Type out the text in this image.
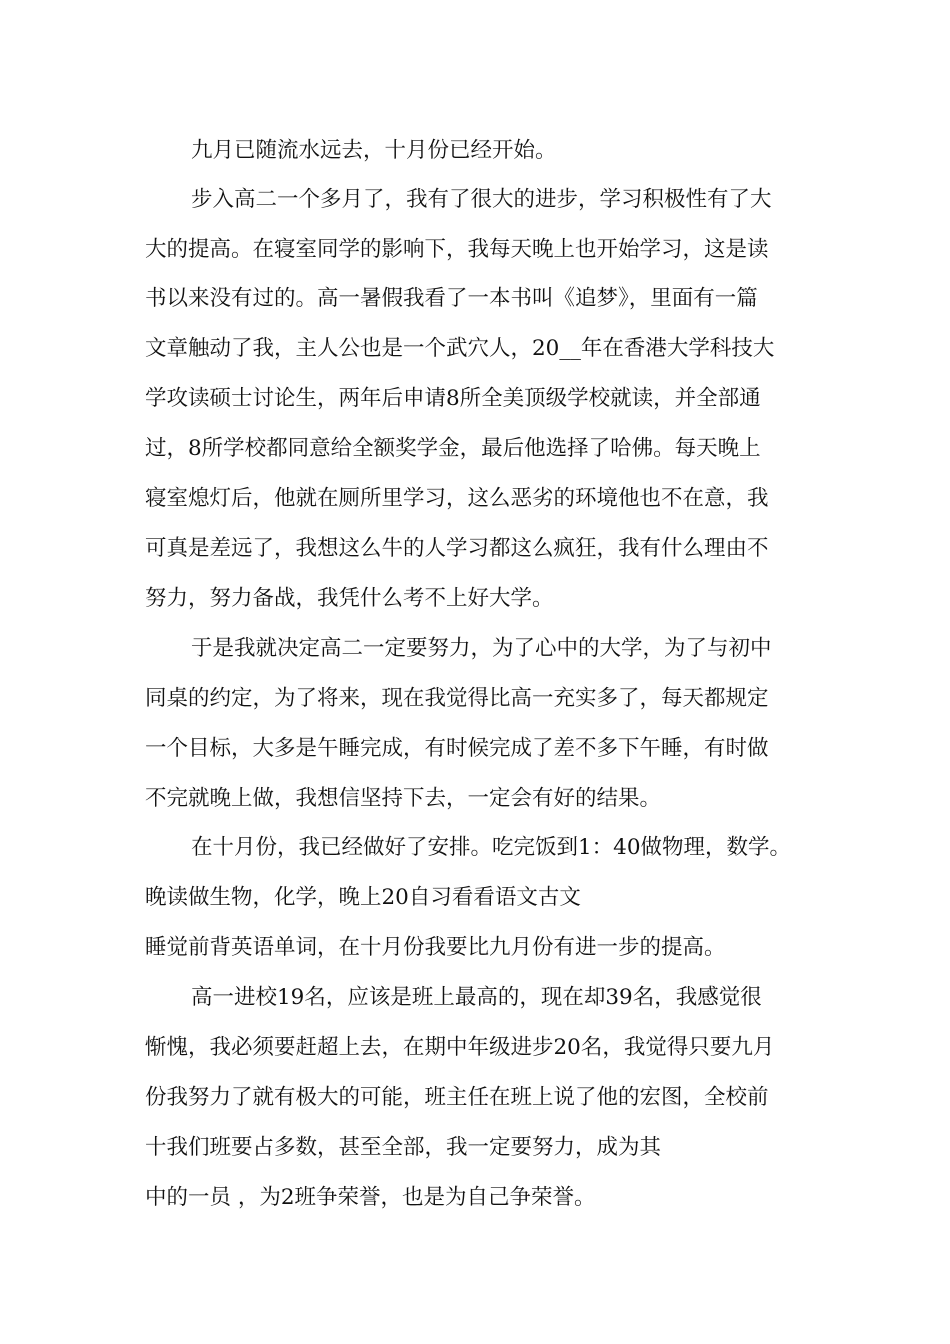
九月已随流水远去，十月份已经开始。

步入高二一个多月了，我有了很大的进步，学习积极性有了大

大的提高。在寝室同学的影响下，我每天晚上也开始学习，这是读

书以来没有过的。高一暑假我看了一本书叫《追梦》，里面有一篇

文章触动了我，主人公也是一个武穴人，20__年在香港大学科技大

学攻读硕士讨论生，两年后申请8所全美顶级学校就读，并全部通

过，8所学校都同意给全额奖学金，最后他选择了哈佛。每天晚上

寝室熄灯后，他就在厕所里学习，这么恶劣的环境他也不在意，我

可真是差远了，我想这么牛的人学习都这么疯狂，我有什么理由不

努力，努力备战，我凭什么考不上好大学。

于是我就决定高二一定要努力，为了心中的大学，为了与初中

同桌的约定，为了将来，现在我觉得比高一充实多了，每天都规定

一个目标，大多是午睡完成，有时候完成了差不多下午睡，有时做

不完就晚上做，我想信坚持下去，一定会有好的结果。

在十月份，我已经做好了安排。吃完饭到1：40做物理，数学。

晚读做生物，化学，晚上20自习看看语文古文

睡觉前背英语单词，在十月份我要比九月份有进一步的提高。

高一进校19名，应该是班上最高的，现在却39名，我感觉很

惭愧，我必须要赶超上去，在期中年级进步20名，我觉得只要九月

份我努力了就有极大的可能，班主任在班上说了他的宏图，全校前

十我们班要占多数，甚至全部，我一定要努力，成为其

中的一员 ，为2班争荣誉，也是为自己争荣誉。
